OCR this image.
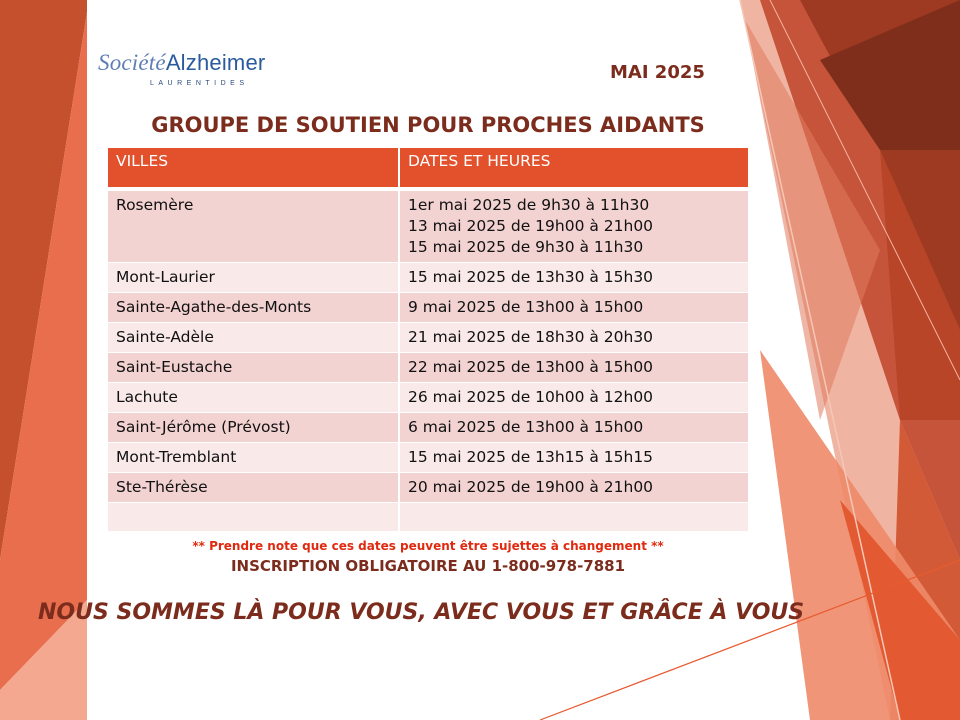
SociétéAlzheimer
LAURENTIDES
MAI 2025
GROUPE DE SOUTIEN POUR PROCHES AIDANTS
VILLES	DATES ET HEURES
Rosemère	1er mai 2025 de 9h30 à 11h30
13 mai 2025 de 19h00 à 21h00
15 mai 2025 de 9h30 à 11h30

Mont-Laurier	15 mai 2025 de 13h30 à 15h30
Sainte-Agathe-des-Monts	9 mai 2025 de 13h00 à 15h00
Sainte-Adèle	21 mai 2025 de 18h30 à 20h30
Saint-Eustache	22 mai 2025 de 13h00 à 15h00
Lachute	26 mai 2025 de 10h00 à 12h00
Saint-Jérôme (Prévost)	6 mai 2025 de 13h00 à 15h00
Mont-Tremblant	15 mai 2025 de 13h15 à 15h15
Ste-Thérèse	20 mai 2025 de 19h00 à 21h00

** Prendre note que ces dates peuvent être sujettes à changement **
INSCRIPTION OBLIGATOIRE AU 1-800-978-7881
NOUS SOMMES LÀ POUR VOUS, AVEC VOUS ET GRÂCE À VOUS
